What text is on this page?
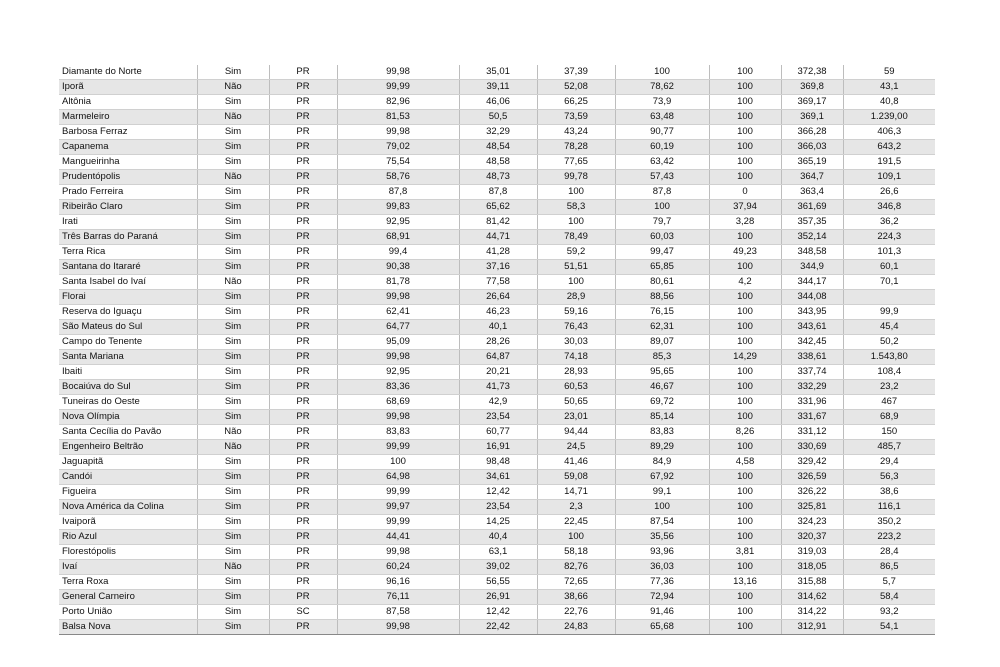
Diamante do Norte	Sim	PR	99,98	35,01	37,39	100	100	372,38	59
Iporã	Não	PR	99,99	39,11	52,08	78,62	100	369,8	43,1
Altônia	Sim	PR	82,96	46,06	66,25	73,9	100	369,17	40,8
Marmeleiro	Não	PR	81,53	50,5	73,59	63,48	100	369,1	1.239,00
Barbosa Ferraz	Sim	PR	99,98	32,29	43,24	90,77	100	366,28	406,3
Capanema	Sim	PR	79,02	48,54	78,28	60,19	100	366,03	643,2
Mangueirinha	Sim	PR	75,54	48,58	77,65	63,42	100	365,19	191,5
Prudentópolis	Não	PR	58,76	48,73	99,78	57,43	100	364,7	109,1
Prado Ferreira	Sim	PR	87,8	87,8	100	87,8	0	363,4	26,6
Ribeirão Claro	Sim	PR	99,83	65,62	58,3	100	37,94	361,69	346,8
Irati	Sim	PR	92,95	81,42	100	79,7	3,28	357,35	36,2
Três Barras do Paraná	Sim	PR	68,91	44,71	78,49	60,03	100	352,14	224,3
Terra Rica	Sim	PR	99,4	41,28	59,2	99,47	49,23	348,58	101,3
Santana do Itararé	Sim	PR	90,38	37,16	51,51	65,85	100	344,9	60,1
Santa Isabel do Ivaí	Não	PR	81,78	77,58	100	80,61	4,2	344,17	70,1
Florai	Sim	PR	99,98	26,64	28,9	88,56	100	344,08	
Reserva do Iguaçu	Sim	PR	62,41	46,23	59,16	76,15	100	343,95	99,9
São Mateus do Sul	Sim	PR	64,77	40,1	76,43	62,31	100	343,61	45,4
Campo do Tenente	Sim	PR	95,09	28,26	30,03	89,07	100	342,45	50,2
Santa Mariana	Sim	PR	99,98	64,87	74,18	85,3	14,29	338,61	1.543,80
Ibaiti	Sim	PR	92,95	20,21	28,93	95,65	100	337,74	108,4
Bocaiúva do Sul	Sim	PR	83,36	41,73	60,53	46,67	100	332,29	23,2
Tuneiras do Oeste	Sim	PR	68,69	42,9	50,65	69,72	100	331,96	467
Nova Olímpia	Sim	PR	99,98	23,54	23,01	85,14	100	331,67	68,9
Santa Cecília do Pavão	Não	PR	83,83	60,77	94,44	83,83	8,26	331,12	150
Engenheiro Beltrão	Não	PR	99,99	16,91	24,5	89,29	100	330,69	485,7
Jaguapitã	Sim	PR	100	98,48	41,46	84,9	4,58	329,42	29,4
Candói	Sim	PR	64,98	34,61	59,08	67,92	100	326,59	56,3
Figueira	Sim	PR	99,99	12,42	14,71	99,1	100	326,22	38,6
Nova América da Colina	Sim	PR	99,97	23,54	2,3	100	100	325,81	116,1
Ivaiporã	Sim	PR	99,99	14,25	22,45	87,54	100	324,23	350,2
Rio Azul	Sim	PR	44,41	40,4	100	35,56	100	320,37	223,2
Florestópolis	Sim	PR	99,98	63,1	58,18	93,96	3,81	319,03	28,4
Ivaí	Não	PR	60,24	39,02	82,76	36,03	100	318,05	86,5
Terra Roxa	Sim	PR	96,16	56,55	72,65	77,36	13,16	315,88	5,7
General Carneiro	Sim	PR	76,11	26,91	38,66	72,94	100	314,62	58,4
Porto União	Sim	SC	87,58	12,42	22,76	91,46	100	314,22	93,2
Balsa Nova	Sim	PR	99,98	22,42	24,83	65,68	100	312,91	54,1
